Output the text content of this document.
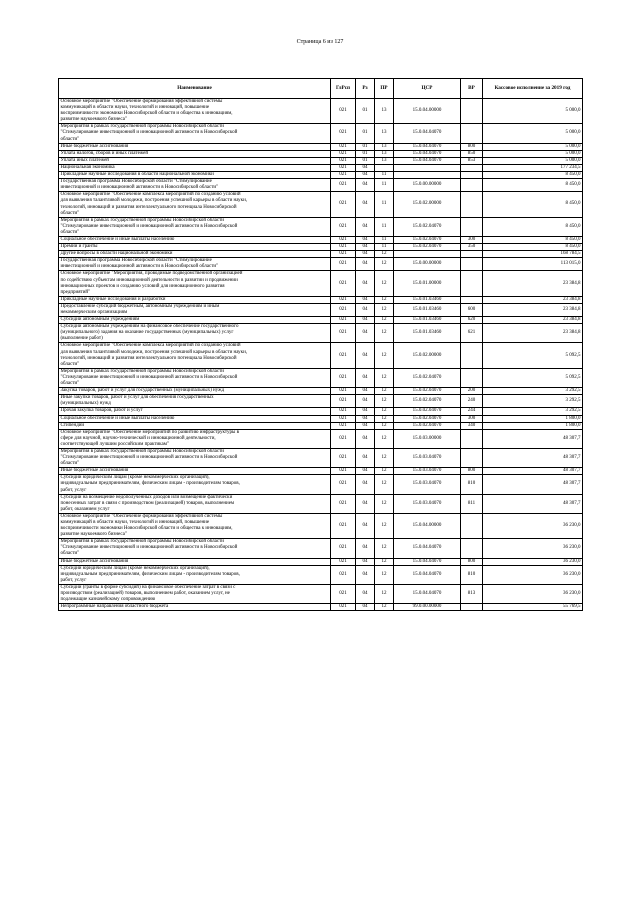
Страница 6 из 127
Наименование	ГлРсп	Рз	ПР	ЦСР	ВР	Кассовое исполнение за 2019 год
Основное мероприятие "Обеспечение формирования эффективной системы
коммуникаций в области науки, технологий и инноваций, повышение
восприимчивости экономики Новосибирской области и общества к инновациям,
развитие наукоемкого бизнеса"	021	01	13	15.0.04.00000		5 000,0
Мероприятия в рамках государственной программы Новосибирской области
"Стимулирование инвестиционной и инновационной активности в Новосибирской
области"	021	01	13	15.0.04.04070		5 000,0
Иные бюджетные ассигнования	021	01	13	15.0.04.04070	800	5 000,0
Уплата налогов, сборов и иных платежей	021	01	13	15.0.04.04070	850	5 000,0
Уплата иных платежей	021	01	13	15.0.04.04070	853	5 000,0
Национальная экономика	021	04				177 234,5
Прикладные научные исследования в области национальной экономики	021	04	11			8 450,0
Государственная программа Новосибирской области "Стимулирование
инвестиционной и инновационной активности в Новосибирской области"	021	04	11	15.0.00.00000		8 450,0
Основное мероприятие "Обеспечение комплекса мероприятий по созданию условий
для выявления талантливой молодежи, построения успешной карьеры в области науки,
технологий, инноваций и развития интеллектуального потенциала Новосибирской
области"	021	04	11	15.0.02.00000		8 450,0
Мероприятия в рамках государственной программы Новосибирской области
"Стимулирование инвестиционной и инновационной активности в Новосибирской
области"	021	04	11	15.0.02.04070		8 450,0
Социальное обеспечение и иные выплаты населению	021	04	11	15.0.02.04070	300	8 450,0
Премии и гранты	021	04	11	15.0.02.04070	350	8 450,0
Другие вопросы в области национальной экономики	021	04	12			168 784,5
Государственная программа Новосибирской области "Стимулирование
инвестиционной и инновационной активности в Новосибирской области"	021	04	12	15.0.00.00000		113 015,0
Основное мероприятие "Мероприятия, проводимые подведомственной организацией
по содействию субъектам инновационной деятельности в развитии и продвижении
инновационных проектов и созданию условий для инновационного развития
предприятий"	021	04	12	15.0.01.00000		23 384,8
Прикладные научные исследования и разработки	021	04	12	15.0.01.03460		23 384,8
Предоставление субсидий бюджетным, автономным учреждениям и иным
некоммерческим организациям	021	04	12	15.0.01.03460	600	23 384,8
Субсидии автономным учреждениям	021	04	12	15.0.01.03460	620	23 384,8
Субсидии автономным учреждениям на финансовое обеспечение государственного
(муниципального) задания на оказание государственных (муниципальных) услуг
(выполнение работ)	021	04	12	15.0.01.03460	621	23 384,8
Основное мероприятие "Обеспечение комплекса мероприятий по созданию условий
для выявления талантливой молодежи, построения успешной карьеры в области науки,
технологий, инноваций и развития интеллектуального потенциала Новосибирской
области"	021	04	12	15.0.02.00000		5 092,5
Мероприятия в рамках государственной программы Новосибирской области
"Стимулирование инвестиционной и инновационной активности в Новосибирской
области"	021	04	12	15.0.02.04070		5 092,5
Закупка товаров, работ и услуг для государственных (муниципальных) нужд	021	04	12	15.0.02.04070	200	3 292,5
Иные закупки товаров, работ и услуг для обеспечения государственных
(муниципальных) нужд	021	04	12	15.0.02.04070	240	3 292,5
Прочая закупка товаров, работ и услуг	021	04	12	15.0.02.04070	244	3 292,5
Социальное обеспечение и иные выплаты населению	021	04	12	15.0.02.04070	300	1 800,0
Стипендии	021	04	12	15.0.02.04070	340	1 800,0
Основное мероприятие "Обеспечение мероприятий по развитию инфраструктуры в
сфере для научной, научно-технической и инновационной деятельности,
соответствующей лучшим российским практикам"	021	04	12	15.0.03.00000		48 307,7
Мероприятия в рамках государственной программы Новосибирской области
"Стимулирование инвестиционной и инновационной активности в Новосибирской
области"	021	04	12	15.0.03.04070		48 307,7
Иные бюджетные ассигнования	021	04	12	15.0.03.04070	800	48 307,7
Субсидии юридическим лицам (кроме некоммерческих организаций),
индивидуальным предпринимателям, физическим лицам - производителям товаров,
работ, услуг	021	04	12	15.0.03.04070	810	48 307,7
Субсидии на возмещение недополученных доходов или возмещение фактически
понесенных затрат в связи с производством (реализацией) товаров, выполнением
работ, оказанием услуг	021	04	12	15.0.03.04070	811	48 307,7
Основное мероприятие "Обеспечение формирования эффективной системы
коммуникаций в области науки, технологий и инноваций, повышение
восприимчивости экономики Новосибирской области и общества к инновациям,
развитие наукоемкого бизнеса"	021	04	12	15.0.04.00000		36 230,0
Мероприятия в рамках государственной программы Новосибирской области
"Стимулирование инвестиционной и инновационной активности в Новосибирской
области"	021	04	12	15.0.04.04070		36 230,0
Иные бюджетные ассигнования	021	04	12	15.0.04.04070	800	36 230,0
Субсидии юридическим лицам (кроме некоммерческих организаций),
индивидуальным предпринимателям, физическим лицам - производителям товаров,
работ, услуг	021	04	12	15.0.04.04070	810	36 230,0
Субсидии (гранты в форме субсидий) на финансовое обеспечение затрат в связи с
производством (реализацией) товаров, выполнением работ, оказанием услуг, не
подлежащие казначейскому сопровождению	021	04	12	15.0.04.04070	813	36 230,0
Непрограммные направления областного бюджета	021	04	12	99.0.00.00000		55 769,5
